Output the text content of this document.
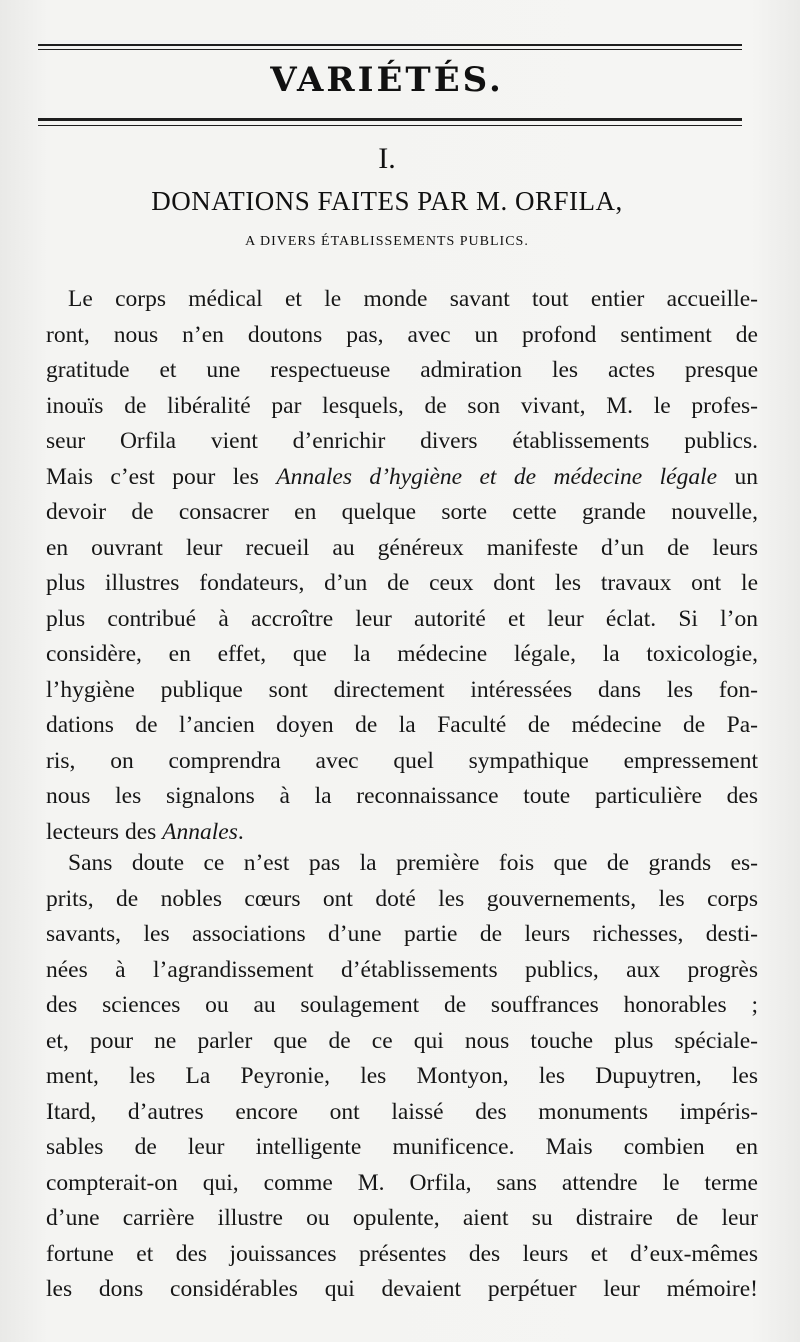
VARIÉTÉS.
I.
DONATIONS FAITES PAR M. ORFILA,
A DIVERS ÉTABLISSEMENTS PUBLICS.
Le corps médical et le monde savant tout entier accueille-
ront, nous n’en doutons pas, avec un profond sentiment de
gratitude et une respectueuse admiration les actes presque
inouïs de libéralité par lesquels, de son vivant, M. le profes-
seur Orfila vient d’enrichir divers établissements publics.
Mais c’est pour les Annales d’hygiène et de médecine légale un
devoir de consacrer en quelque sorte cette grande nouvelle,
en ouvrant leur recueil au généreux manifeste d’un de leurs
plus illustres fondateurs, d’un de ceux dont les travaux ont le
plus contribué à accroître leur autorité et leur éclat. Si l’on
considère, en effet, que la médecine légale, la toxicologie,
l’hygiène publique sont directement intéressées dans les fon-
dations de l’ancien doyen de la Faculté de médecine de Pa-
ris, on comprendra avec quel sympathique empressement
nous les signalons à la reconnaissance toute particulière des
lecteurs des Annales.
Sans doute ce n’est pas la première fois que de grands es-
prits, de nobles cœurs ont doté les gouvernements, les corps
savants, les associations d’une partie de leurs richesses, desti-
nées à l’agrandissement d’établissements publics, aux progrès
des sciences ou au soulagement de souffrances honorables ;
et, pour ne parler que de ce qui nous touche plus spéciale-
ment, les La Peyronie, les Montyon, les Dupuytren, les
Itard, d’autres encore ont laissé des monuments impéris-
sables de leur intelligente munificence. Mais combien en
compterait-on qui, comme M. Orfila, sans attendre le terme
d’une carrière illustre ou opulente, aient su distraire de leur
fortune et des jouissances présentes des leurs et d’eux-mêmes
les dons considérables qui devaient perpétuer leur mémoire!
